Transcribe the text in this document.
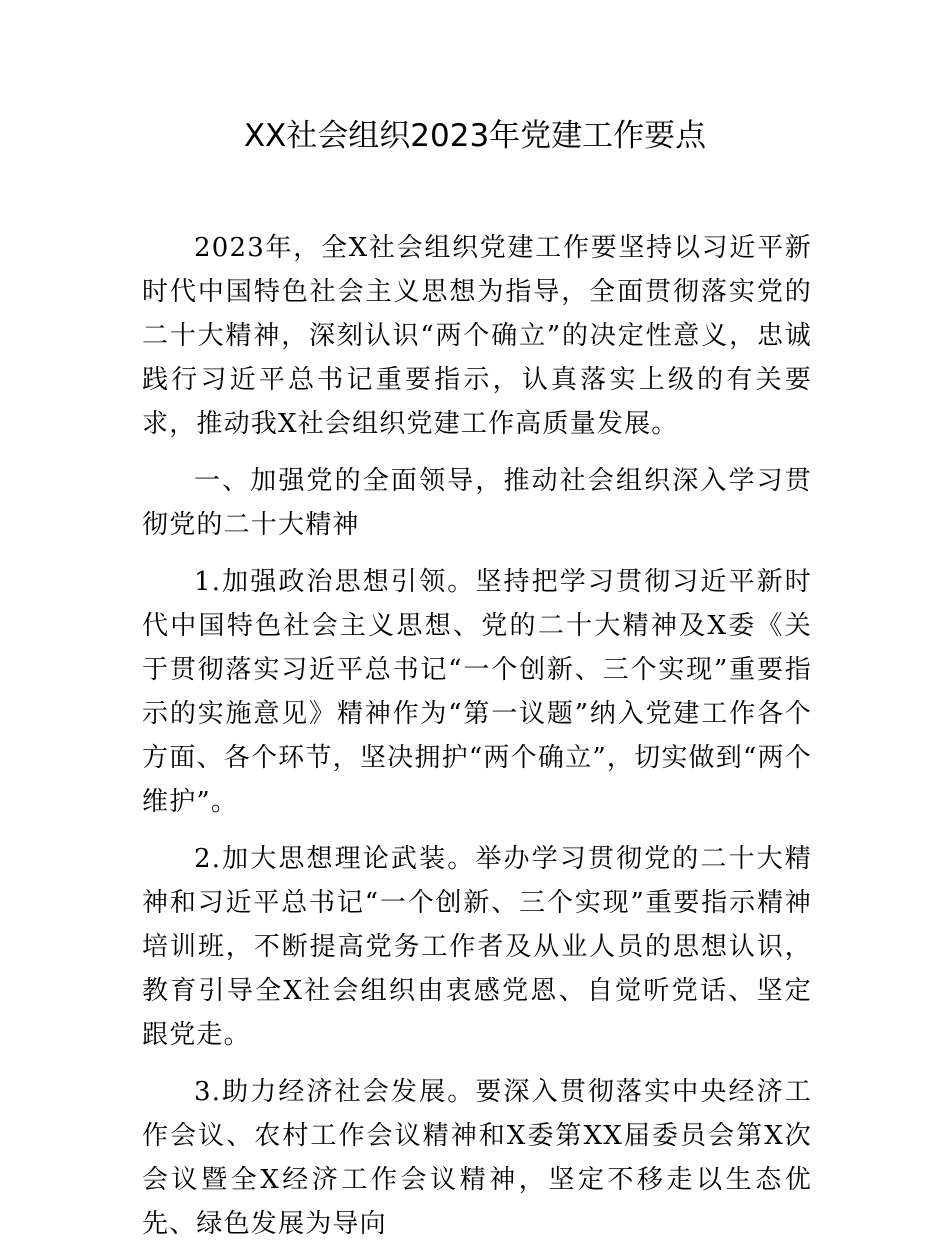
XX社会组织2023年党建工作要点

2023年，全X社会组织党建工作要坚持以习近平新时代中国特色社会主义思想为指导，全面贯彻落实党的二十大精神，深刻认识“两个确立”的决定性意义，忠诚践行习近平总书记重要指示，认真落实上级的有关要求，推动我X社会组织党建工作高质量发展。

一、加强党的全面领导，推动社会组织深入学习贯彻党的二十大精神

1.加强政治思想引领。坚持把学习贯彻习近平新时代中国特色社会主义思想、党的二十大精神及X委《关于贯彻落实习近平总书记“一个创新、三个实现”重要指示的实施意见》精神作为“第一议题”纳入党建工作各个方面、各个环节，坚决拥护“两个确立”，切实做到“两个维护”。

2.加大思想理论武装。举办学习贯彻党的二十大精神和习近平总书记“一个创新、三个实现”重要指示精神培训班，不断提高党务工作者及从业人员的思想认识，教育引导全X社会组织由衷感党恩、自觉听党话、坚定跟党走。

3.助力经济社会发展。要深入贯彻落实中央经济工作会议、农村工作会议精神和X委第XX届委员会第X次会议暨全X经济工作会议精神，坚定不移走以生态优先、绿色发展为导向
